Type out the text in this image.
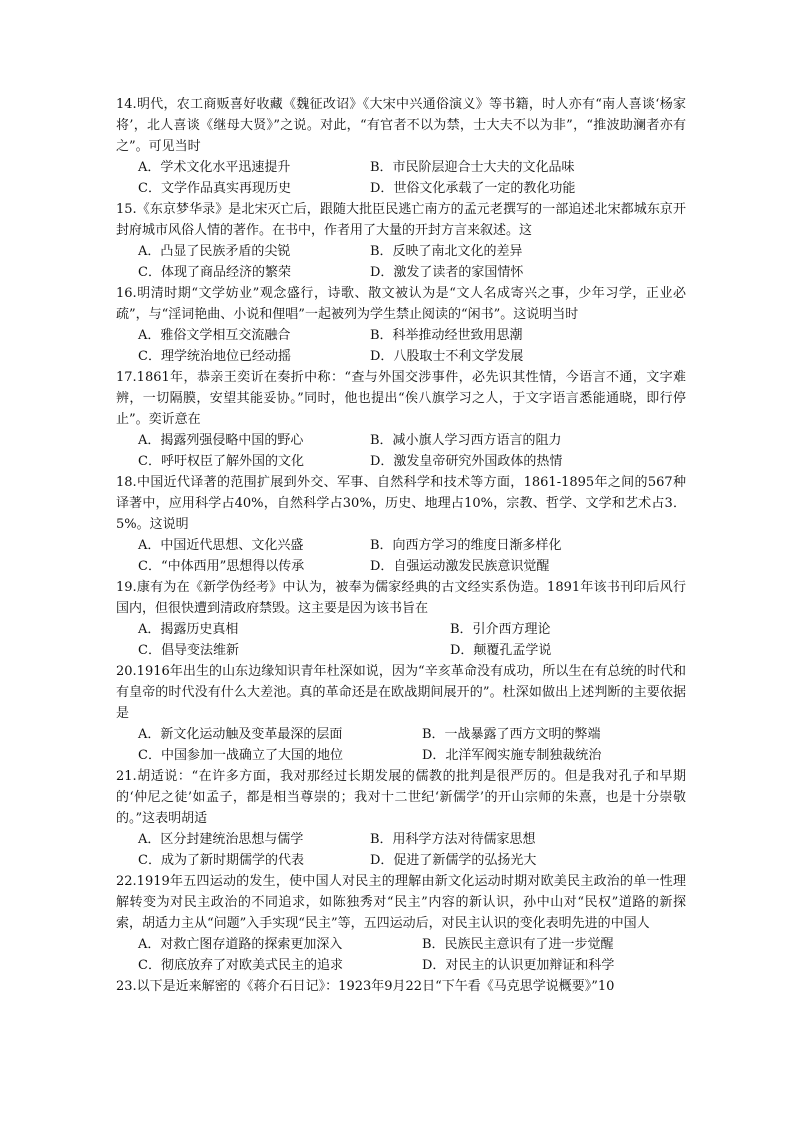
14.明代，农工商贩喜好收藏《魏征改诏》《大宋中兴通俗演义》等书籍，时人亦有“南人喜谈‘杨家将’，北人喜谈《继母大贤》”之说。对此，“有官者不以为禁，士大夫不以为非”，“推波助澜者亦有之”。可见当时

A．学术文化水平迅速提升	B．市民阶层迎合士大夫的文化品味
C．文学作品真实再现历史	D．世俗文化承载了一定的教化功能

15.《东京梦华录》是北宋灭亡后，跟随大批臣民逃亡南方的孟元老撰写的一部追述北宋都城东京开封府城市风俗人情的著作。在书中，作者用了大量的开封方言来叙述。这

A．凸显了民族矛盾的尖锐	B．反映了南北文化的差异
C．体现了商品经济的繁荣	D．激发了读者的家国情怀

16.明清时期“文学妨业”观念盛行，诗歌、散文被认为是“文人名成寄兴之事，少年习学，正业必疏”，与“淫词艳曲、小说和俚唱”一起被列为学生禁止阅读的“闲书”。这说明当时

A．雅俗文学相互交流融合	B．科举推动经世致用思潮
C．理学统治地位已经动摇	D．八股取士不利文学发展

17.1861年，恭亲王奕䜣在奏折中称：“查与外国交涉事件，必先识其性情，今语言不通，文字难辨，一切隔膜，安望其能妥协。”同时，他也提出“俟八旗学习之人，于文字语言悉能通晓，即行停止”。奕䜣意在

A．揭露列强侵略中国的野心	B．减小旗人学习西方语言的阻力
C．呼吁权臣了解外国的文化	D．激发皇帝研究外国政体的热情

18.中国近代译著的范围扩展到外交、军事、自然科学和技术等方面，1861-1895年之间的567种译著中，应用科学占40%，自然科学占30%，历史、地理占10%，宗教、哲学、文学和艺术占3．5%。这说明

A．中国近代思想、文化兴盛	B．向西方学习的维度日渐多样化
C．“中体西用”思想得以传承	D．自强运动激发民族意识觉醒

19.康有为在《新学伪经考》中认为，被奉为儒家经典的古文经实系伪造。1891年该书刊印后风行国内，但很快遭到清政府禁毁。这主要是因为该书旨在

A．揭露历史真相	B．引介西方理论
C．倡导变法维新	D．颠覆孔孟学说

20.1916年出生的山东边缘知识青年杜深如说，因为“辛亥革命没有成功，所以生在有总统的时代和有皇帝的时代没有什么大差池。真的革命还是在欧战期间展开的”。杜深如做出上述判断的主要依据是

A．新文化运动触及变革最深的层面	B．一战暴露了西方文明的弊端
C．中国参加一战确立了大国的地位	D．北洋军阀实施专制独裁统治

21.胡适说：“在许多方面，我对那经过长期发展的儒教的批判是很严厉的。但是我对孔子和早期的‘仲尼之徒’如孟子，都是相当尊崇的；我对十二世纪‘新儒学’的开山宗师的朱熹，也是十分崇敬的。”这表明胡适

A．区分封建统治思想与儒学	B．用科学方法对待儒家思想
C．成为了新时期儒学的代表	D．促进了新儒学的弘扬光大

22.1919年五四运动的发生，使中国人对民主的理解由新文化运动时期对欧美民主政治的单一性理解转变为对民主政治的不同追求，如陈独秀对“民主”内容的新认识，孙中山对“民权”道路的新探索，胡适力主从“问题”入手实现“民主”等，五四运动后，对民主认识的变化表明先进的中国人

A．对救亡图存道路的探索更加深入	B．民族民主意识有了进一步觉醒
C．彻底放弃了对欧美式民主的追求	D．对民主的认识更加辩证和科学

23.以下是近来解密的《蒋介石日记》：1923年9月22日“下午看《马克思学说概要》”10
